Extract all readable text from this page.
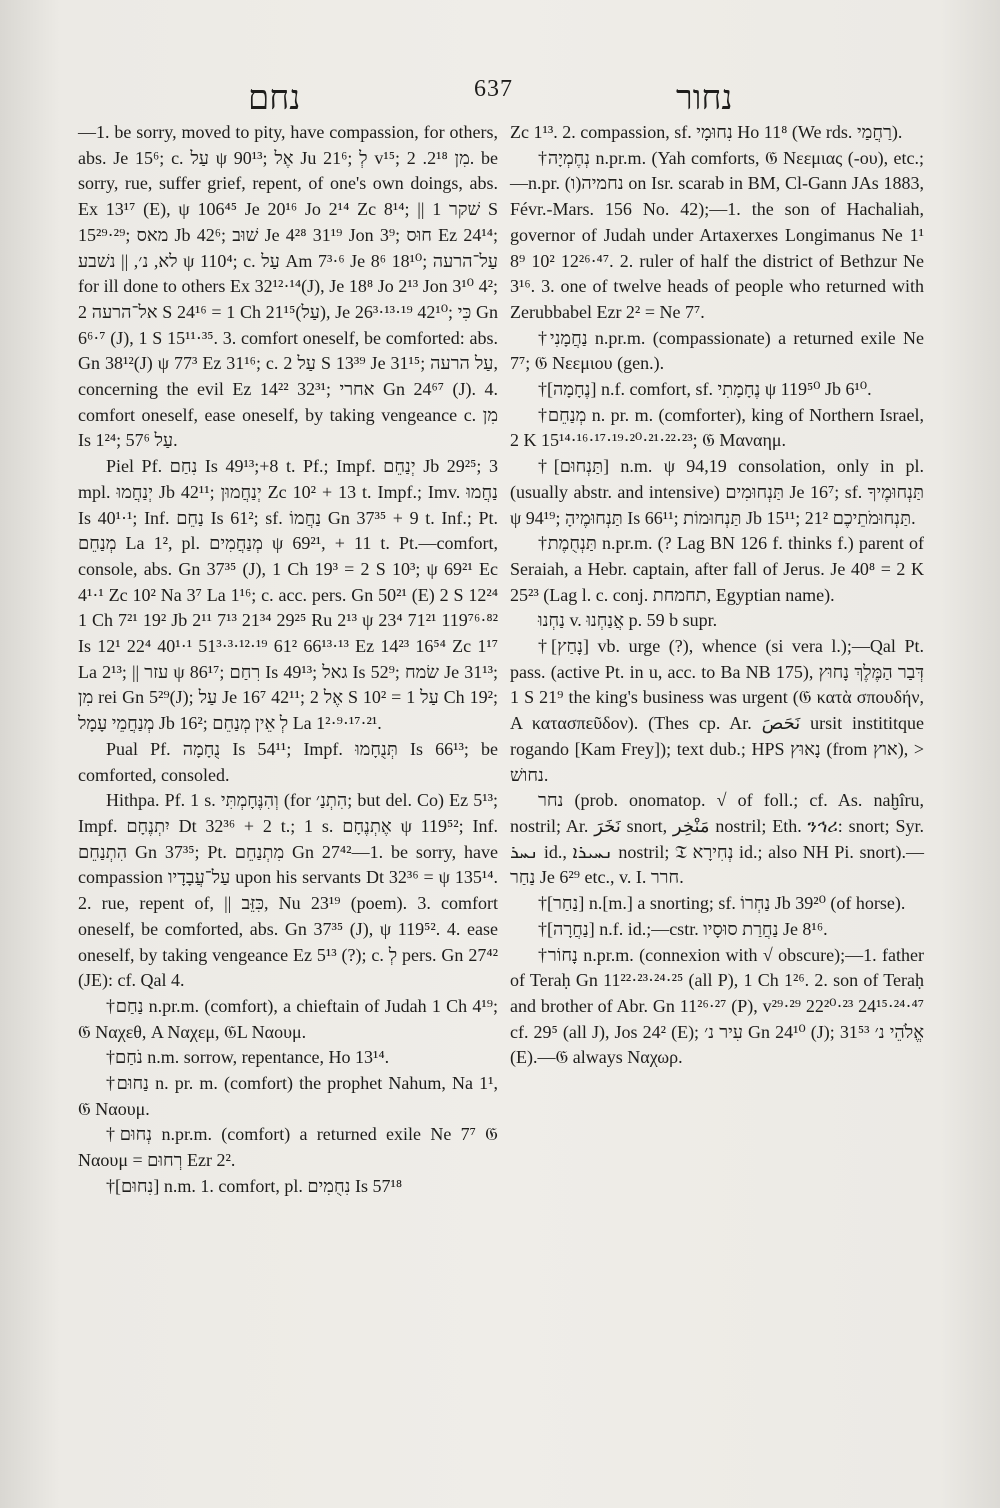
נחם	637	נחור

—1. be sorry, moved to pity, have compassion, for others, abs. Je 15⁶; c. עַל ψ 90¹³; אֶל Ju 21⁶; לְ v¹⁵; מִן 2¹⁸. 2. be sorry, rue, suffer grief, repent, of one's own doings, abs. Ex 13¹⁷ (E), ψ 106⁴⁵ Je 20¹⁶ Jo 2¹⁴ Zc 8¹⁴; || שׁקר 1 S 15²⁹·²⁹; מאס Jb 42⁶; שׁוּב Je 4²⁸ 31¹⁹ Jon 3⁹; חוּס Ez 24¹⁴; לא, נ׳, || נשׁבע ψ 110⁴; c. עַל Am 7³·⁶ Je 8⁶ 18¹⁰; עַל־הרעה for ill done to others Ex 32¹²·¹⁴(J), Je 18⁸ Jo 2¹³ Jon 3¹⁰ 4²; אל־הרעה 2 S 24¹⁶ = 1 Ch 21¹⁵(עַל), Je 26³·¹³·¹⁹ 42¹⁰; כִּי Gn 6⁶·⁷ (J), 1 S 15¹¹·³⁵. 3. comfort oneself, be comforted: abs. Gn 38¹²(J) ψ 77³ Ez 31¹⁶; c. עַל 2 S 13³⁹ Je 31¹⁵; עַל הרעה, concerning the evil Ez 14²² 32³¹; אחרי Gn 24⁶⁷ (J). 4. comfort oneself, ease oneself, by taking vengeance c. מִן Is 1²⁴; עַל 57⁶.

Piel Pf. נִחַם Is 49¹³;+8 t. Pf.; Impf. יְנַחֵם Jb 29²⁵; 3 mpl. יְנַחֲמוּ Jb 42¹¹; יְנַחֲמוּן Zc 10² + 13 t. Impf.; Imv. נַחֲמוּ Is 40¹·¹; Inf. נַחֵם Is 61²; sf. נַחֲמוֹ Gn 37³⁵ + 9 t. Inf.; Pt. מְנַחֵם La 1², pl. מְנַחֲמִים ψ 69²¹, + 11 t. Pt.—comfort, console, abs. Gn 37³⁵ (J), 1 Ch 19³ = 2 S 10³; ψ 69²¹ Ec 4¹·¹ Zc 10² Na 3⁷ La 1¹⁶; c. acc. pers. Gn 50²¹ (E) 2 S 12²⁴ 1 Ch 7²¹ 19² Jb 2¹¹ 7¹³ 21³⁴ 29²⁵ Ru 2¹³ ψ 23⁴ 71²¹ 119⁷⁶·⁸² Is 12¹ 22⁴ 40¹·¹ 51³·³·¹²·¹⁹ 61² 66¹³·¹³ Ez 14²³ 16⁵⁴ Zc 1¹⁷ La 2¹³; || עזר ψ 86¹⁷; רִחַם Is 49¹³; גאל Is 52⁹; שׂמח Je 31¹³; מִן rei Gn 5²⁹(J); עַל Je 16⁷ 42¹¹; אֶל 2 S 10² = עַל 1 Ch 19²; מְנַחֲמֵי עָמָל Jb 16²; לְ אֵין מְנַחֵם La 1²·⁹·¹⁷·²¹.

Pual Pf. נֻחָמָה Is 54¹¹; Impf. תְּנֻחָמוּ Is 66¹³; be comforted, consoled.

Hithpa. Pf. 1 s. וְהִנֶּחָמְתִּי (for הִתְנַ׳; but del. Co) Ez 5¹³; Impf. יִתְנֶחָם Dt 32³⁶ + 2 t.; 1 s. אֶתְנֶחָם ψ 119⁵²; Inf. הִתְנַחֵם Gn 37³⁵; Pt. מִתְנַחֵם Gn 27⁴²—1. be sorry, have compassion עַל־עֲבָדָיו upon his servants Dt 32³⁶ = ψ 135¹⁴. 2. rue, repent of, || כִּזֵּב, Nu 23¹⁹ (poem). 3. comfort oneself, be comforted, abs. Gn 37³⁵ (J), ψ 119⁵². 4. ease oneself, by taking vengeance Ez 5¹³ (?); c. לְ pers. Gn 27⁴² (JE): cf. Qal 4.

†נַחַם n.pr.m. (comfort), a chieftain of Judah 1 Ch 4¹⁹; 𝔊 Ναχεθ, A Ναχεμ, 𝔊L Ναουμ.

†נֹחַם n.m. sorrow, repentance, Ho 13¹⁴.

†נַחוּם n. pr. m. (comfort) the prophet Nahum, Na 1¹, 𝔊 Ναουμ.

†נְחוּם n.pr.m. (comfort) a returned exile Ne 7⁷ 𝔊 Ναουμ = רְחוּם Ezr 2².

†[נִחוּם] n.m. 1. comfort, pl. נִחֻמִים Is 57¹⁸

Zc 1¹³. 2. compassion, sf. נִחוּמָי Ho 11⁸ (We rds. רַחֲמַי).

†נְחֶמְיָה n.pr.m. (Yah comforts, 𝔊 Νεεμιας (-ου), etc.;—n.pr. נחמיה(ו) on Isr. scarab in BM, Cl-Gann JAs 1883, Févr.-Mars. 156 No. 42);—1. the son of Hachaliah, governor of Judah under Artaxerxes Longimanus Ne 1¹ 8⁹ 10² 12²⁶·⁴⁷. 2. ruler of half the district of Bethzur Ne 3¹⁶. 3. one of twelve heads of people who returned with Zerubbabel Ezr 2² = Ne 7⁷.

†נַחֲמָנִי n.pr.m. (compassionate) a returned exile Ne 7⁷; 𝔊 Νεεμιου (gen.).

†[נֶחָמָה] n.f. comfort, sf. נֶחָמָתִי ψ 119⁵⁰ Jb 6¹⁰.

†מְנַחֵם n. pr. m. (comforter), king of Northern Israel, 2 K 15¹⁴·¹⁶·¹⁷·¹⁹·²⁰·²¹·²²·²³; 𝔊 Μαναημ.

†[תַּנְחוּם] n.m. ψ 94,19 consolation, only in pl. (usually abstr. and intensive) תַּנְחוּמִים Je 16⁷; sf. תַּנְחוּמֶיךָ ψ 94¹⁹; תַּנְחוּמֶיהָ Is 66¹¹; תַּנְחוּמוֹת Jb 15¹¹; תַּנְחוּמֹתֵיכֶם 21².

†תַּנְחֻמֶת n.pr.m. (? Lag BN 126 f. thinks f.) parent of Seraiah, a Hebr. captain, after fall of Jerus. Je 40⁸ = 2 K 25²³ (Lag l. c. conj. תחמחת, Egyptian name).

נַחְנוּ v. אֲנַחְנוּ p. 59 b supr.

†[נָחַץ] vb. urge (?), whence (si vera l.);—Qal Pt. pass. (active Pt. in u, acc. to Ba NB 175), דְּבַר הַמֶּלֶךְ נָחוּץ 1 S 21⁹ the king's business was urgent (𝔊 κατὰ σπουδήν, A κατασπεῦδον). (Thes cp. Ar. نَحَصَ ursit instititque rogando [Kam Frey]); text dub.; HPS נָאוּץ (from אוץ), > נחושׁ.

נחר (prob. onomatop. √ of foll.; cf. As. naḫîru, nostril; Ar. نَخَرَ snort, مَنْخِر nostril; Eth. ንኅሪ: snort; Syr. ܢܚܪ id., ܢܚܝܪܐ nostril; 𝔗 נְחִירָא id.; also NH Pi. snort).—נַחַר Je 6²⁹ etc., v. I. חרר.

†[נַחַר] n.[m.] a snorting; sf. נַחְרוֹ Jb 39²⁰ (of horse).

†[נַחֲרָה] n.f. id.;—cstr. נַחֲרַת סוּסָיו Je 8¹⁶.

†נָחוֹר n.pr.m. (connexion with √ obscure);—1. father of Teraḥ Gn 11²²·²³·²⁴·²⁵ (all P), 1 Ch 1²⁶. 2. son of Teraḥ and brother of Abr. Gn 11²⁶·²⁷ (P), v²⁹·²⁹ 22²⁰·²³ 24¹⁵·²⁴·⁴⁷ cf. 29⁵ (all J), Jos 24² (E); עִיר נ׳ Gn 24¹⁰ (J); אֱלֹהֵי נ׳ 31⁵³ (E).—𝔊 always Ναχωρ.
